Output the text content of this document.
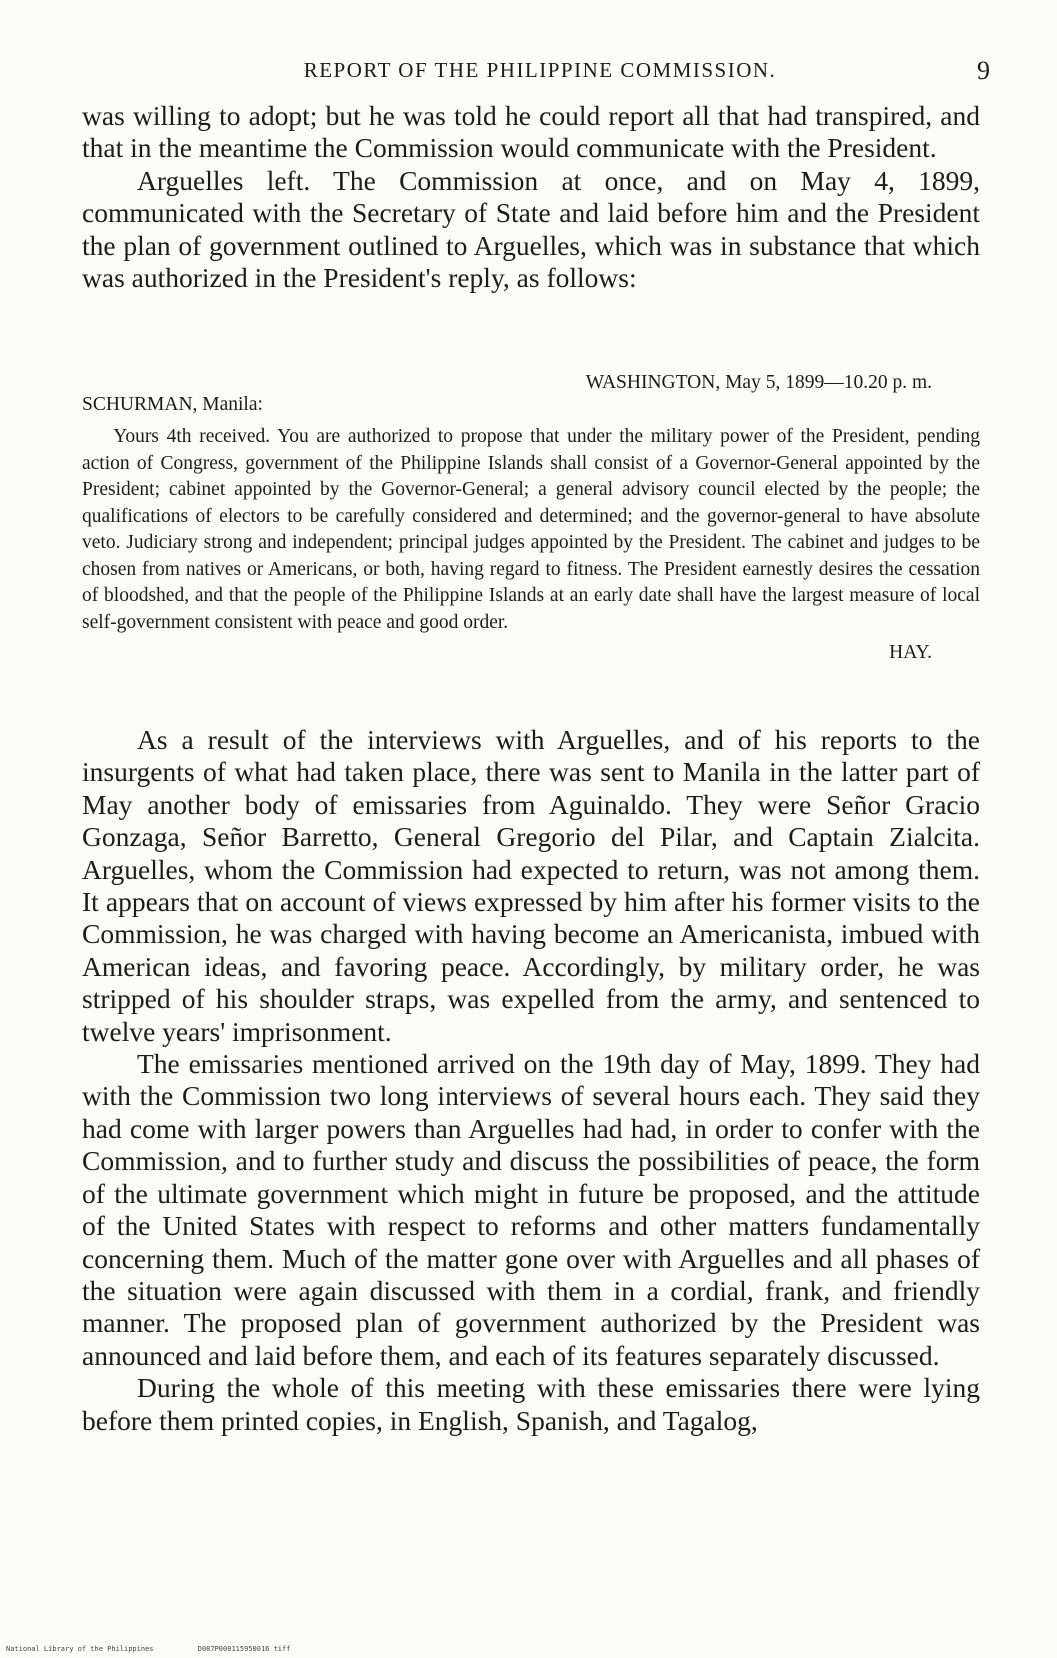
REPORT OF THE PHILIPPINE COMMISSION.	9

was willing to adopt; but he was told he could report all that had transpired, and that in the meantime the Commission would communicate with the President.

Arguelles left. The Commission at once, and on May 4, 1899, communicated with the Secretary of State and laid before him and the President the plan of government outlined to Arguelles, which was in substance that which was authorized in the President's reply, as follows:

WASHINGTON, May 5, 1899—10.20 p. m.
SCHURMAN, Manila:

Yours 4th received. You are authorized to propose that under the military power of the President, pending action of Congress, government of the Philippine Islands shall consist of a Governor-General appointed by the President; cabinet appointed by the Governor-General; a general advisory council elected by the people; the qualifications of electors to be carefully considered and determined; and the governor-general to have absolute veto. Judiciary strong and independent; principal judges appointed by the President. The cabinet and judges to be chosen from natives or Americans, or both, having regard to fitness. The President earnestly desires the cessation of bloodshed, and that the people of the Philippine Islands at an early date shall have the largest measure of local self-government consistent with peace and good order.

HAY.

As a result of the interviews with Arguelles, and of his reports to the insurgents of what had taken place, there was sent to Manila in the latter part of May another body of emissaries from Aguinaldo. They were Señor Gracio Gonzaga, Señor Barretto, General Gregorio del Pilar, and Captain Zialcita. Arguelles, whom the Commission had expected to return, was not among them. It appears that on account of views expressed by him after his former visits to the Commission, he was charged with having become an Americanista, imbued with American ideas, and favoring peace. Accordingly, by military order, he was stripped of his shoulder straps, was expelled from the army, and sentenced to twelve years' imprisonment.

The emissaries mentioned arrived on the 19th day of May, 1899. They had with the Commission two long interviews of several hours each. They said they had come with larger powers than Arguelles had had, in order to confer with the Commission, and to further study and discuss the possibilities of peace, the form of the ultimate government which might in future be proposed, and the attitude of the United States with respect to reforms and other matters fundamentally concerning them. Much of the matter gone over with Arguelles and all phases of the situation were again discussed with them in a cordial, frank, and friendly manner. The proposed plan of government authorized by the President was announced and laid before them, and each of its features separately discussed.

During the whole of this meeting with these emissaries there were lying before them printed copies, in English, Spanish, and Tagalog,

National Library of the Philippines	D087P000115950016 tiff
